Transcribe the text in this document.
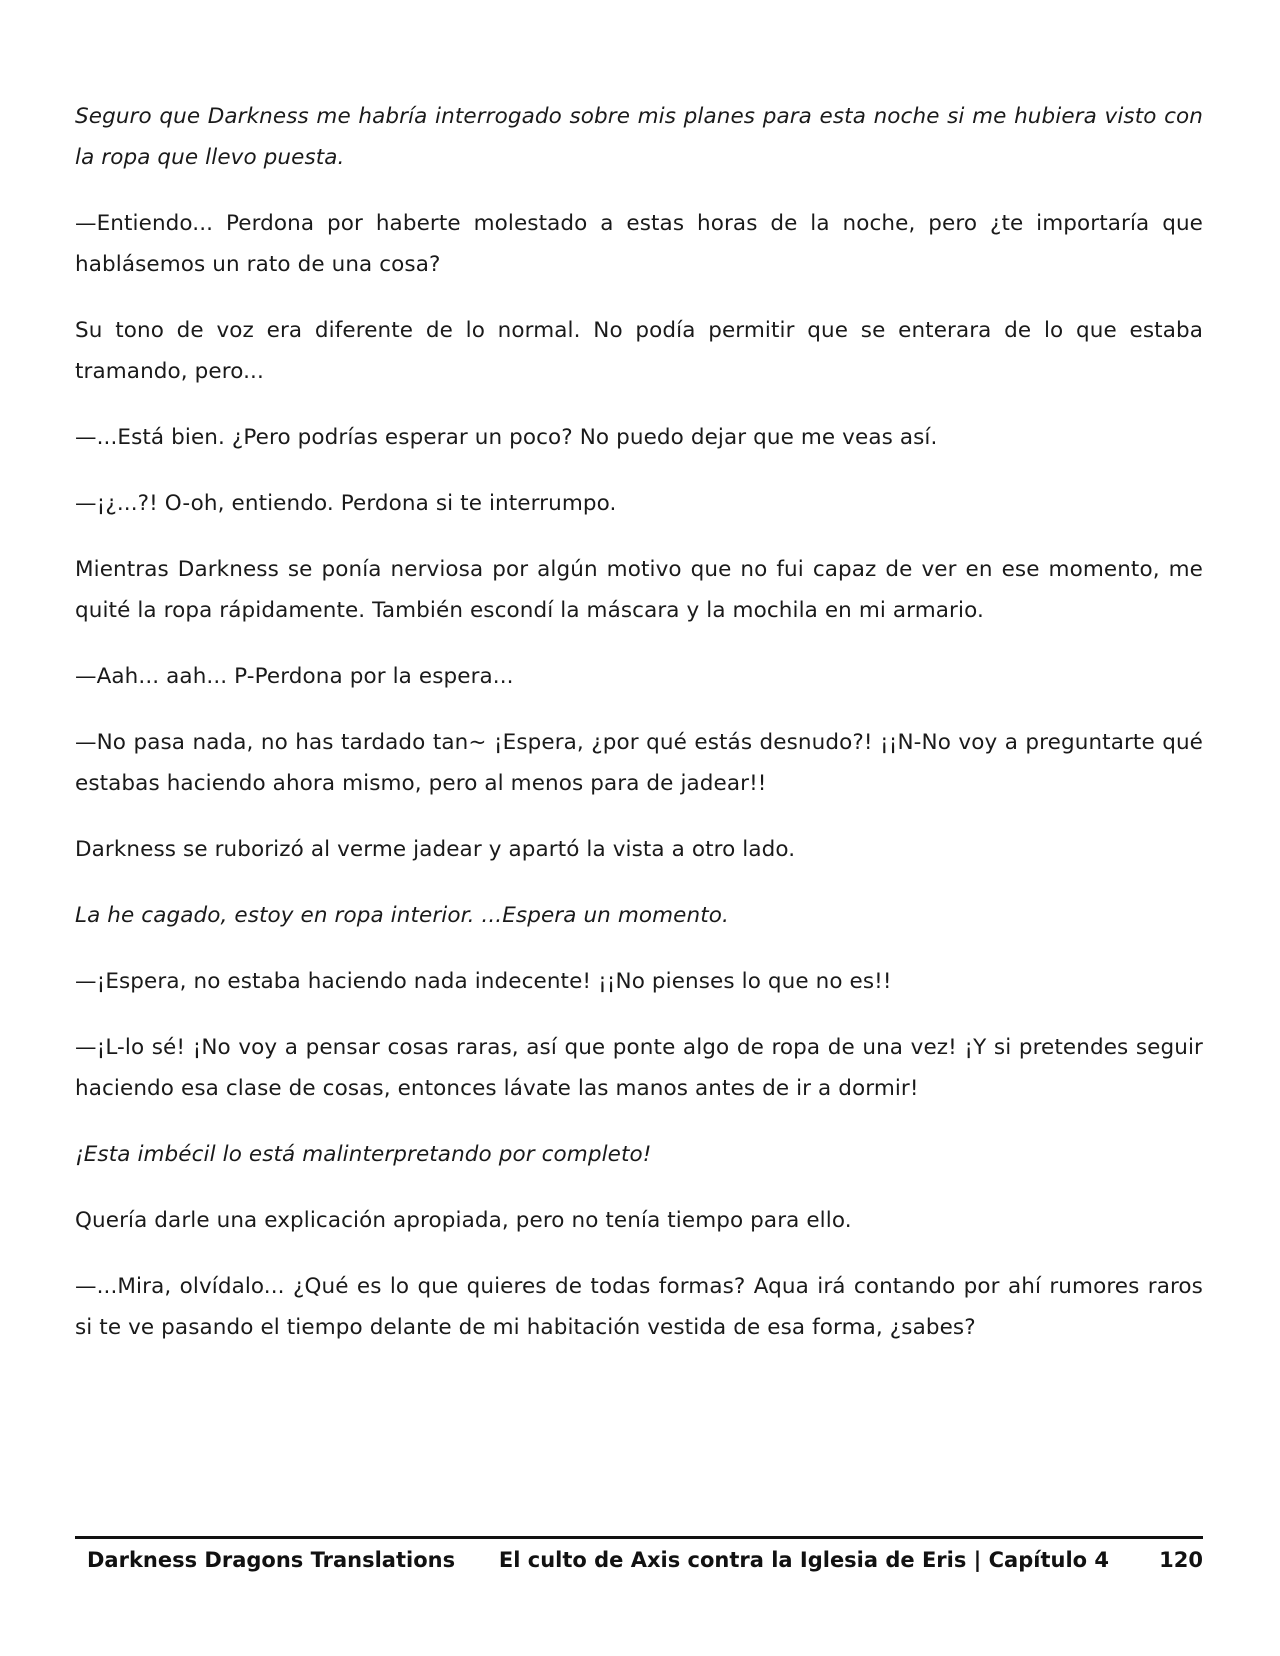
Seguro que Darkness me habría interrogado sobre mis planes para esta noche si me hubiera visto con la ropa que llevo puesta.

—Entiendo... Perdona por haberte molestado a estas horas de la noche, pero ¿te importaría que hablásemos un rato de una cosa?

Su tono de voz era diferente de lo normal. No podía permitir que se enterara de lo que estaba tramando, pero...

—...Está bien. ¿Pero podrías esperar un poco? No puedo dejar que me veas así.

—¡¿...?! O-oh, entiendo. Perdona si te interrumpo.

Mientras Darkness se ponía nerviosa por algún motivo que no fui capaz de ver en ese momento, me quité la ropa rápidamente. También escondí la máscara y la mochila en mi armario.

—Aah... aah... P-Perdona por la espera...

—No pasa nada, no has tardado tan~ ¡Espera, ¿por qué estás desnudo?! ¡¡N-No voy a preguntarte qué estabas haciendo ahora mismo, pero al menos para de jadear!!

Darkness se ruborizó al verme jadear y apartó la vista a otro lado.

La he cagado, estoy en ropa interior. ...Espera un momento.

—¡Espera, no estaba haciendo nada indecente! ¡¡No pienses lo que no es!!

—¡L-lo sé! ¡No voy a pensar cosas raras, así que ponte algo de ropa de una vez! ¡Y si pretendes seguir haciendo esa clase de cosas, entonces lávate las manos antes de ir a dormir!

¡Esta imbécil lo está malinterpretando por completo!

Quería darle una explicación apropiada, pero no tenía tiempo para ello.

—...Mira, olvídalo... ¿Qué es lo que quieres de todas formas? Aqua irá contando por ahí rumores raros si te ve pasando el tiempo delante de mi habitación vestida de esa forma, ¿sabes?

Darkness Dragons Translations El culto de Axis contra la Iglesia de Eris | Capítulo 4 120
